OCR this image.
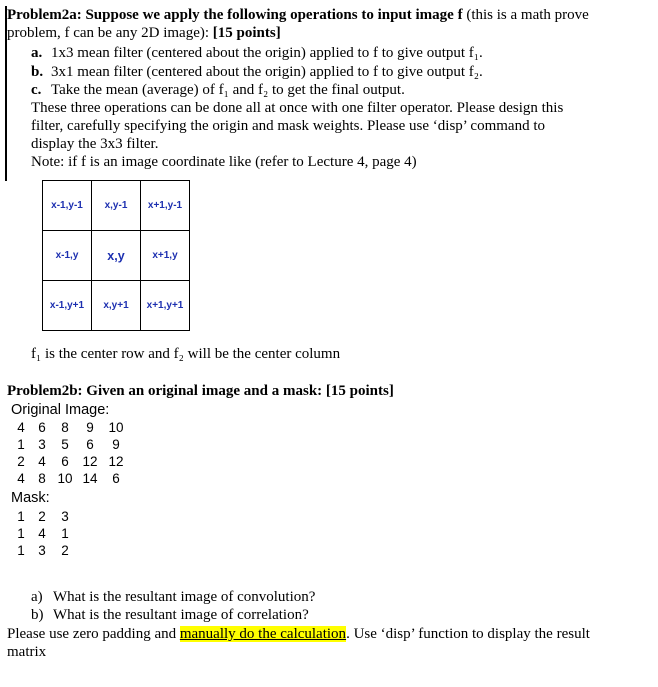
Problem2a: Suppose we apply the following operations to input image f (this is a math prove
problem, f can be any 2D image): [15 points]
a. 1x3 mean filter (centered about the origin) applied to f to give output f₁.
b. 3x1 mean filter (centered about the origin) applied to f to give output f₂.
c. Take the mean (average) of f₁ and f₂ to get the final output.
These three operations can be done all at once with one filter operator. Please design this
filter, carefully specifying the origin and mask weights. Please use ‘disp’ command to
display the 3x3 filter.
Note: if f is an image coordinate like (refer to Lecture 4, page 4)
x-1,y-1	x,y-1	x+1,y-1
x-1,y	x,y	x+1,y
x-1,y+1	x,y+1	x+1,y+1
f₁ is the center row and f₂ will be the center column
Problem2b: Given an original image and a mask: [15 points]
Original Image:
4 6	8	9	10
1 3	5	6	9
2 4	6	12 12
4 8 10 14	6
Mask:
1 2	3
1 4	1
1 3	2
a) What is the resultant image of convolution?
b) What is the resultant image of correlation?
Please use zero padding and manually do the calculation. Use ‘disp’ function to display the result
matrix
